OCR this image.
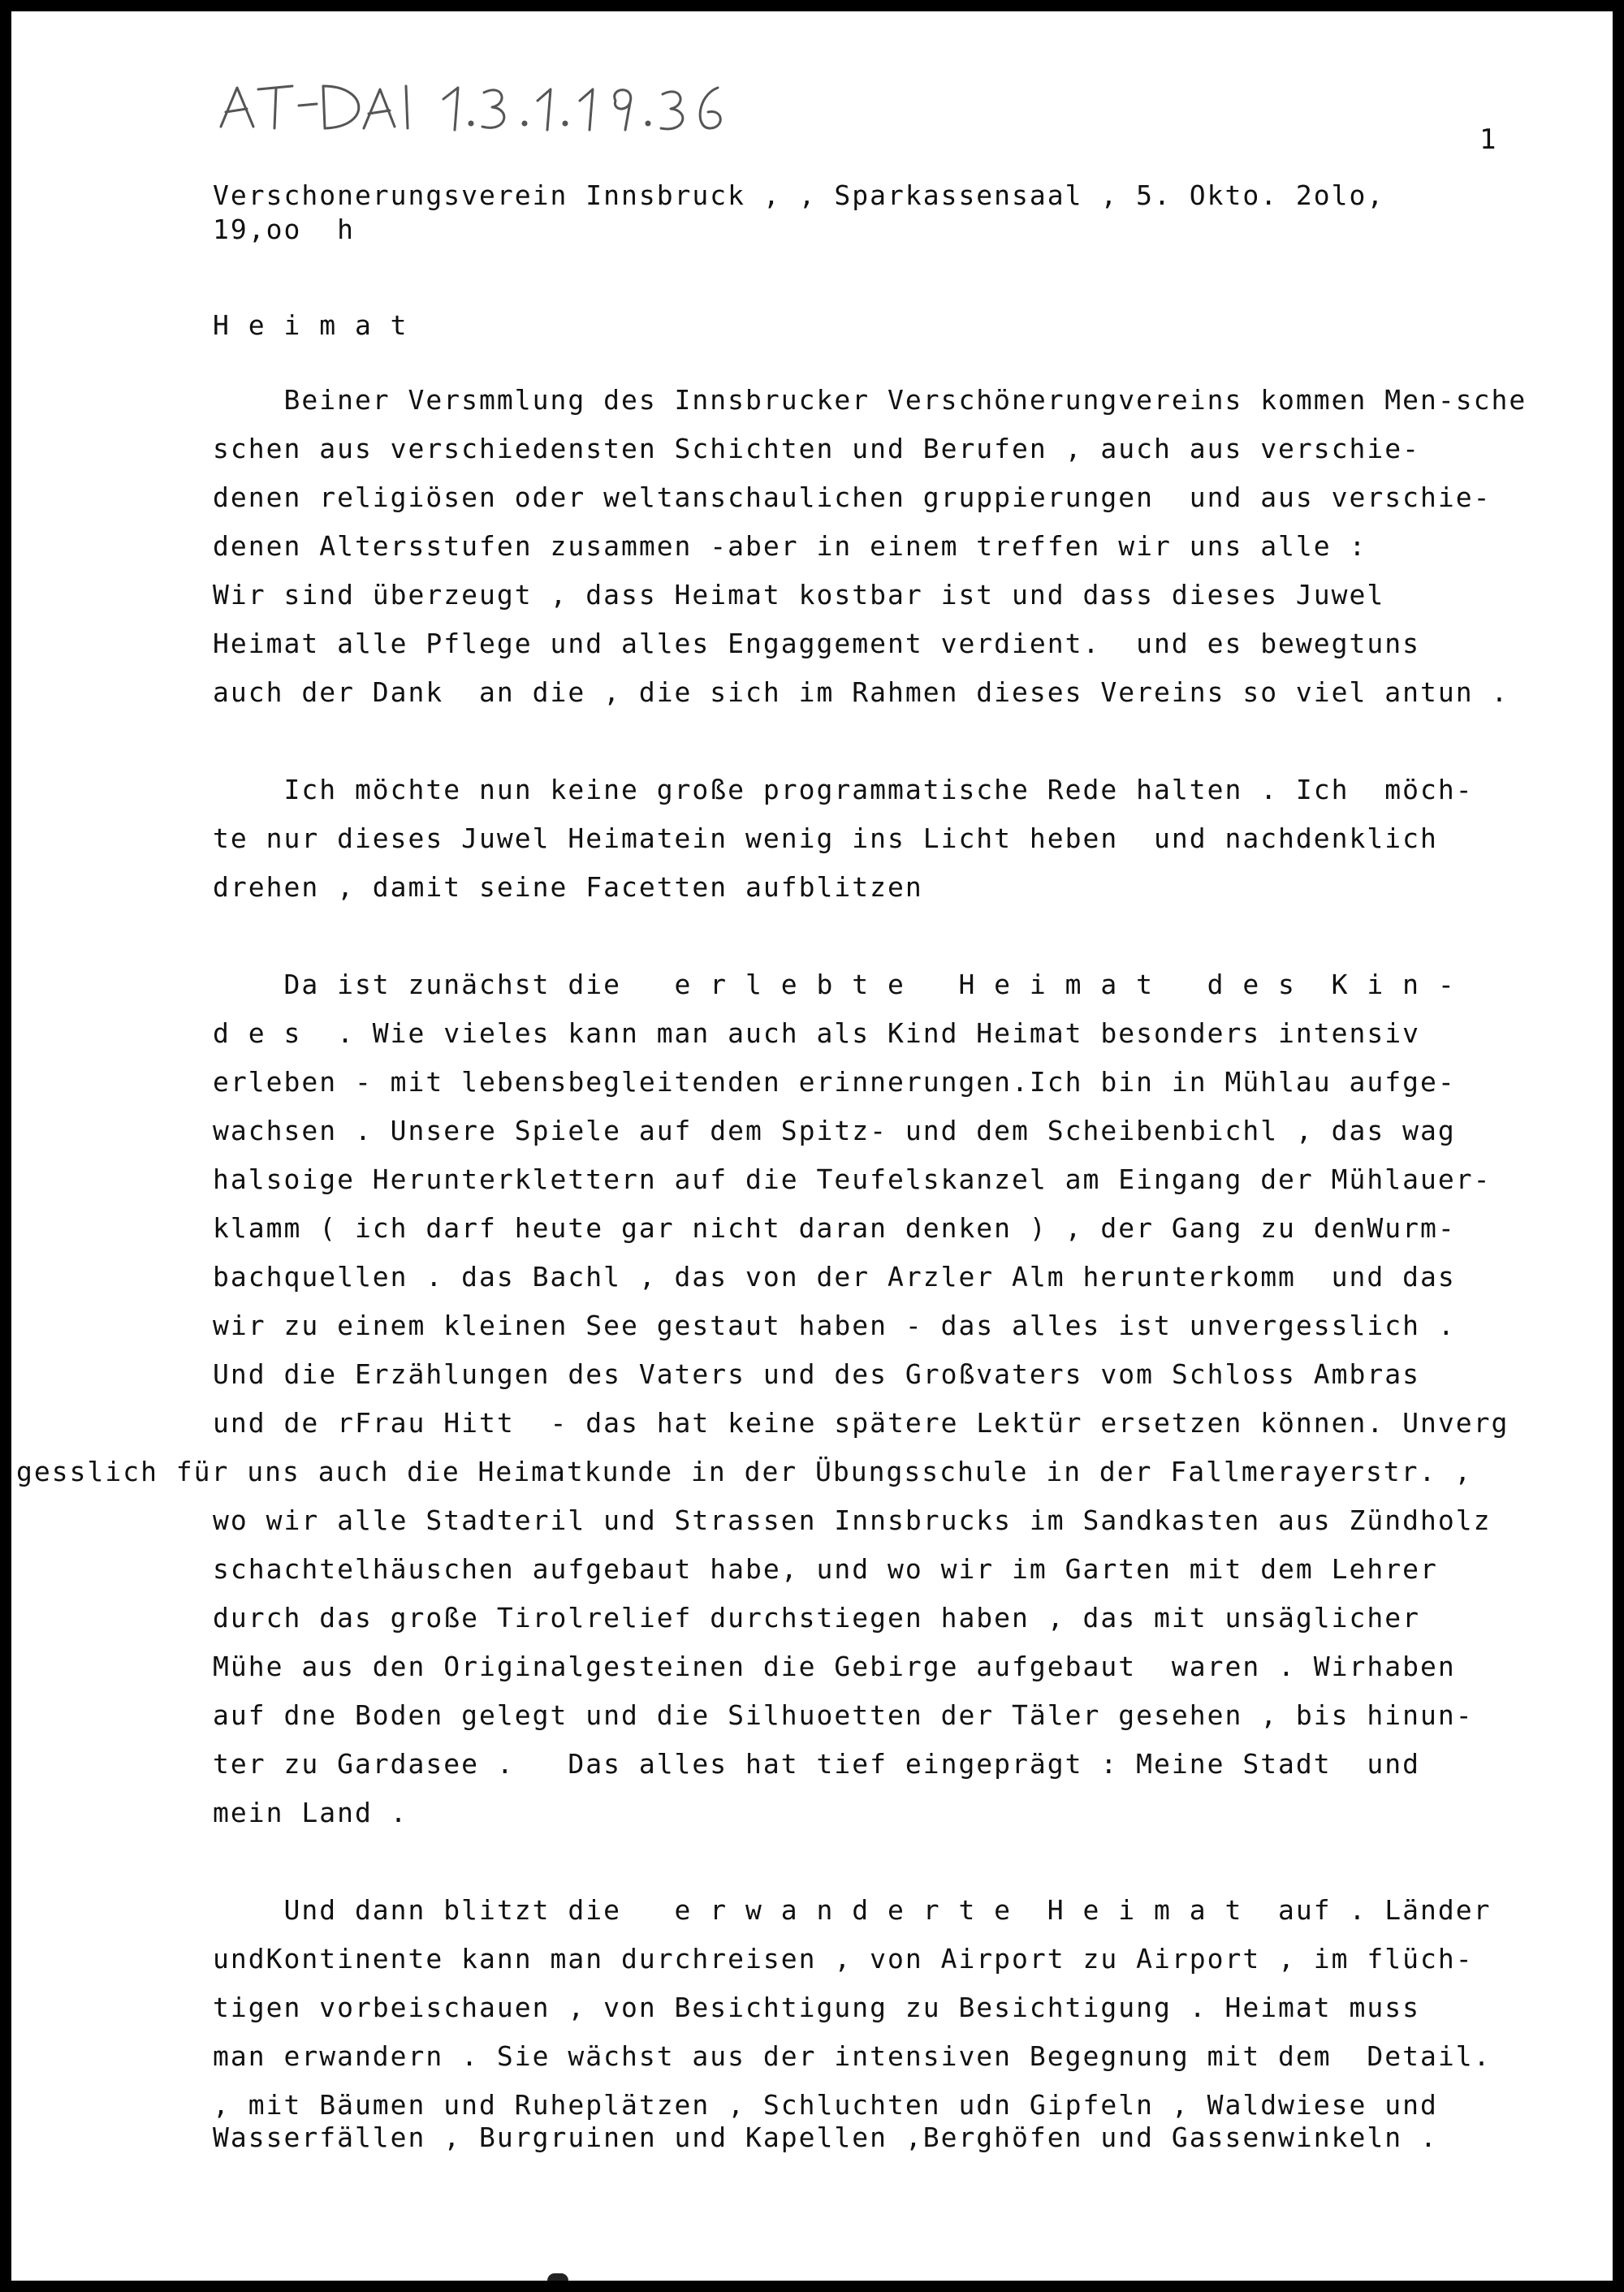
1
Verschonerungsverein Innsbruck , , Sparkassensaal , 5. Okto. 2olo,
19,oo  h
H e i m a t
Beiner Versmmlung des Innsbrucker Verschönerungvereins kommen Men-sche
schen aus verschiedensten Schichten und Berufen , auch aus verschie-
denen religiösen oder weltanschaulichen gruppierungen  und aus verschie-
denen Altersstufen zusammen -aber in einem treffen wir uns alle :
Wir sind überzeugt , dass Heimat kostbar ist und dass dieses Juwel
Heimat alle Pflege und alles Engaggement verdient.  und es bewegtuns
auch der Dank  an die , die sich im Rahmen dieses Vereins so viel antun .
Ich möchte nun keine große programmatische Rede halten . Ich  möch-
te nur dieses Juwel Heimatein wenig ins Licht heben  und nachdenklich
drehen , damit seine Facetten aufblitzen
Da ist zunächst die   e r l e b t e   H e i m a t   d e s  K i n -
d e s  . Wie vieles kann man auch als Kind Heimat besonders intensiv
erleben - mit lebensbegleitenden erinnerungen.Ich bin in Mühlau aufge-
wachsen . Unsere Spiele auf dem Spitz- und dem Scheibenbichl , das wag
halsoige Herunterklettern auf die Teufelskanzel am Eingang der Mühlauer-
klamm ( ich darf heute gar nicht daran denken ) , der Gang zu denWurm-
bachquellen . das Bachl , das von der Arzler Alm herunterkomm  und das
wir zu einem kleinen See gestaut haben - das alles ist unvergesslich .
Und die Erzählungen des Vaters und des Großvaters vom Schloss Ambras
und de rFrau Hitt  - das hat keine spätere Lektür ersetzen können. Unverg
gesslich für uns auch die Heimatkunde in der Übungsschule in der Fallmerayerstr. ,
wo wir alle Stadteril und Strassen Innsbrucks im Sandkasten aus Zündholz
schachtelhäuschen aufgebaut habe, und wo wir im Garten mit dem Lehrer
durch das große Tirolrelief durchstiegen haben , das mit unsäglicher
Mühe aus den Originalgesteinen die Gebirge aufgebaut  waren . Wirhaben
auf dne Boden gelegt und die Silhuoetten der Täler gesehen , bis hinun-
ter zu Gardasee .   Das alles hat tief eingeprägt : Meine Stadt  und
mein Land .
Und dann blitzt die   e r w a n d e r t e  H e i m a t  auf . Länder
undKontinente kann man durchreisen , von Airport zu Airport , im flüch-
tigen vorbeischauen , von Besichtigung zu Besichtigung . Heimat muss
man erwandern . Sie wächst aus der intensiven Begegnung mit dem  Detail.
, mit Bäumen und Ruheplätzen , Schluchten udn Gipfeln , Waldwiese und
Wasserfällen , Burgruinen und Kapellen ,Berghöfen und Gassenwinkeln .
